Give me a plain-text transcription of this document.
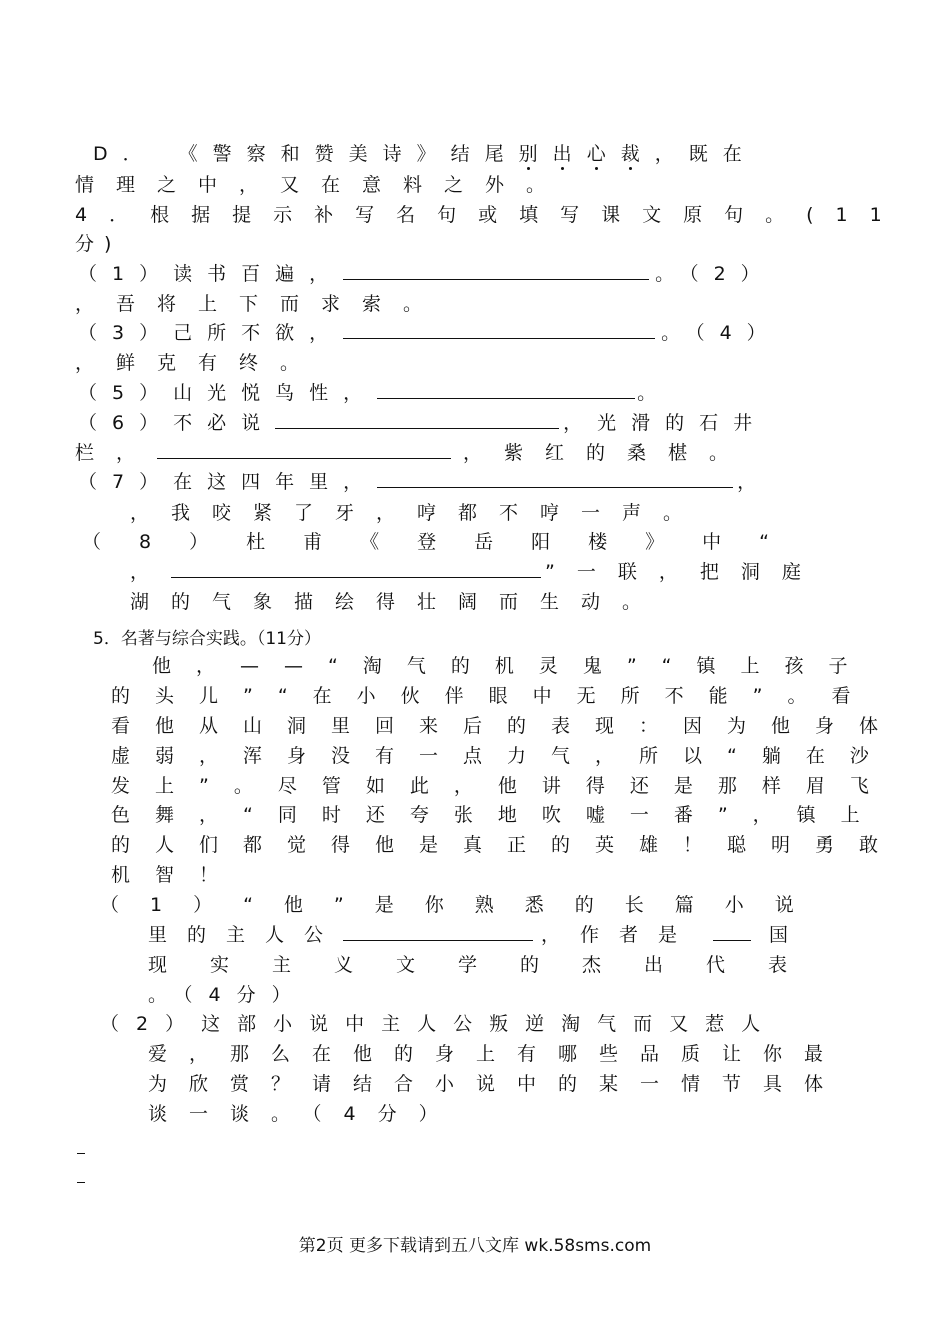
D． 《警察和赞美诗》结尾别出心裁，既在
情理之中，又在意料之外。
4．根据提示补写名句或填写课文原句。(11
分)
（1）读书百遍，	。（2）
，吾将上下而求索。
（3）己所不欲，	。（4）
，鲜克有终。
（5）山光悦鸟性，	。
（6）不必说	，光滑的石井
栏，	，紫红的桑椹。
（7）在这四年里，	，
，我咬紧了牙，哼都不哼一声。
（8）杜甫《登岳阳楼》中“
，	”一联，把洞庭
湖的气象描绘得壮阔而生动。
5．名著与综合实践。（11分）
他，——“淘气的机灵鬼”“镇上孩子
的头儿”“在小伙伴眼中无所不能”。看
看他从山洞里回来后的表现：因为他身体
虚弱，浑身没有一点力气，所以“躺在沙
发上”。尽管如此，他讲得还是那样眉飞
色舞，“同时还夸张地吹嘘一番”，镇上
的人们都觉得他是真正的英雄！聪明勇敢
机智！
（1）“他”是你熟悉的长篇小说
里的主人公	，作者是	国
现实主义文学的杰出代表
。（4分）
（2）这部小说中主人公叛逆淘气而又惹人
爱，那么在他的身上有哪些品质让你最
为欣赏？请结合小说中的某一情节具体
谈一谈。（4分）
第2页 更多下载请到五八文库 wk.58sms.com
